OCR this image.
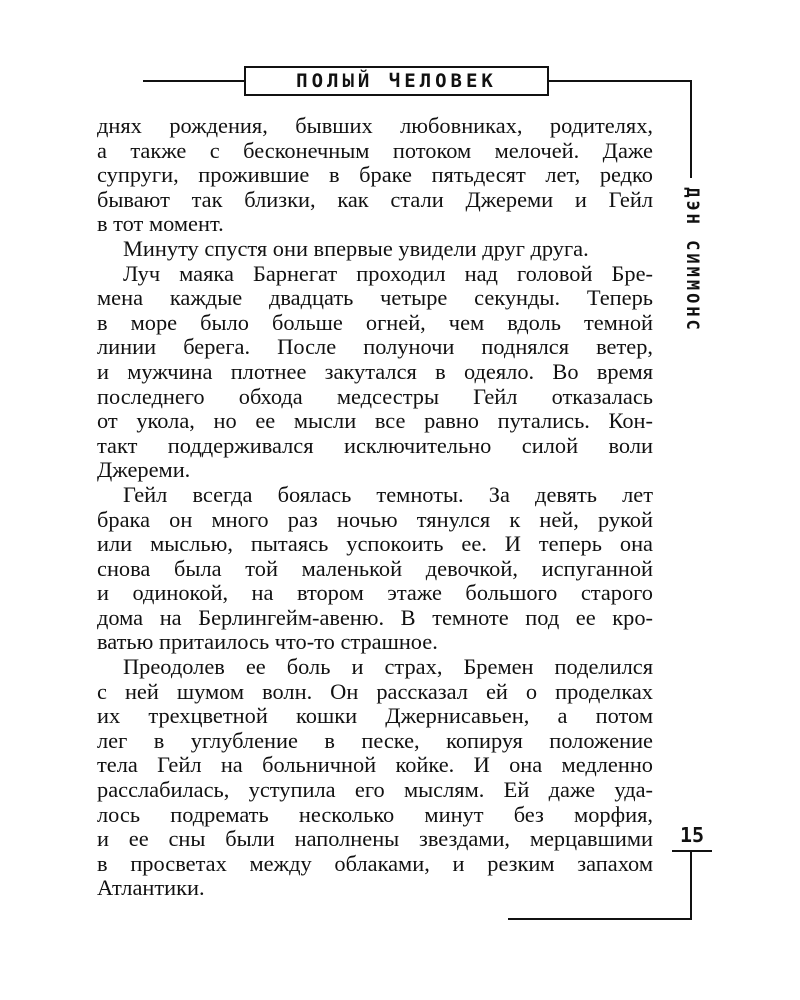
ПОЛЫЙ ЧЕЛОВЕК
ДЭН СИММОНС
15
днях рождения, бывших любовниках, родителях,
а также с бесконечным потоком мелочей. Даже
супруги, прожившие в браке пятьдесят лет, редко
бывают так близки, как стали Джереми и Гейл
в тот момент.
Минуту спустя они впервые увидели друг друга.
Луч маяка Барнегат проходил над головой Бре-
мена каждые двадцать четыре секунды. Теперь
в море было больше огней, чем вдоль темной
линии берега. После полуночи поднялся ветер,
и мужчина плотнее закутался в одеяло. Во время
последнего обхода медсестры Гейл отказалась
от укола, но ее мысли все равно путались. Кон-
такт поддерживался исключительно силой воли
Джереми.
Гейл всегда боялась темноты. За девять лет
брака он много раз ночью тянулся к ней, рукой
или мыслью, пытаясь успокоить ее. И теперь она
снова была той маленькой девочкой, испуганной
и одинокой, на втором этаже большого старого
дома на Берлингейм-авеню. В темноте под ее кро-
ватью притаилось что-то страшное.
Преодолев ее боль и страх, Бремен поделился
с ней шумом волн. Он рассказал ей о проделках
их трехцветной кошки Джернисавьен, а потом
лег в углубление в песке, копируя положение
тела Гейл на больничной койке. И она медленно
расслабилась, уступила его мыслям. Ей даже уда-
лось подремать несколько минут без морфия,
и ее сны были наполнены звездами, мерцавшими
в просветах между облаками, и резким запахом
Атлантики.
